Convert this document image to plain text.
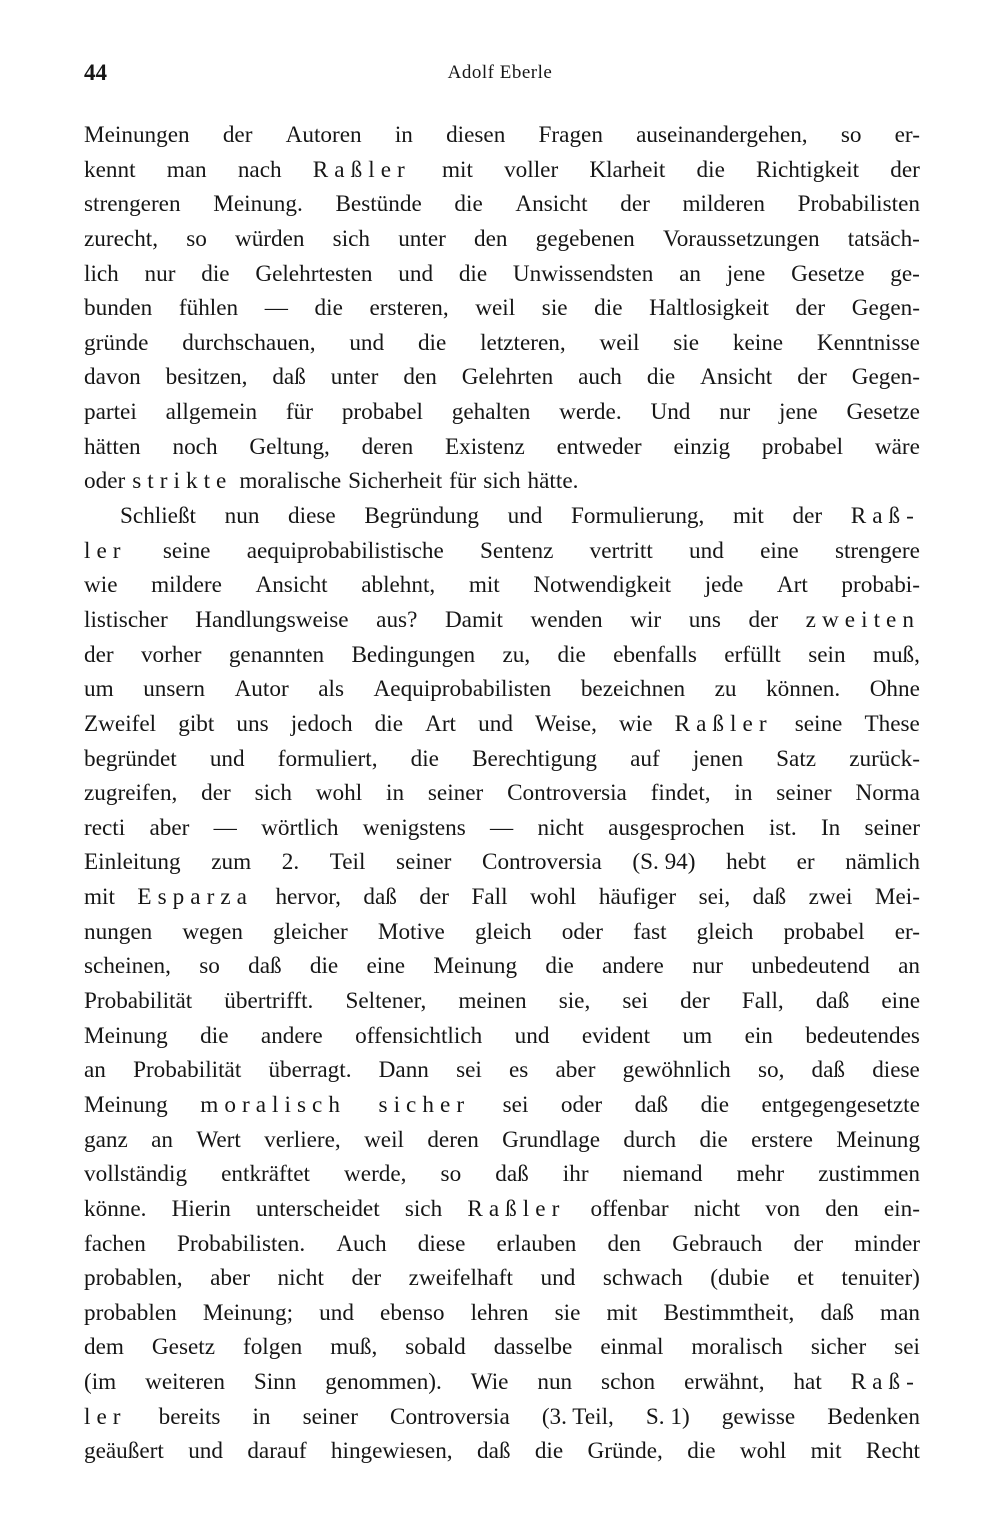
44	Adolf Eberle
Meinungen der Autoren in diesen Fragen auseinandergehen, so er-
kennt man nach Raßler mit voller Klarheit die Richtigkeit der
strengeren Meinung. Bestünde die Ansicht der milderen Probabilisten
zurecht, so würden sich unter den gegebenen Voraussetzungen tatsäch-
lich nur die Gelehrtesten und die Unwissendsten an jene Gesetze ge-
bunden fühlen — die ersteren, weil sie die Haltlosigkeit der Gegen-
gründe durchschauen, und die letzteren, weil sie keine Kenntnisse
davon besitzen, daß unter den Gelehrten auch die Ansicht der Gegen-
partei allgemein für probabel gehalten werde. Und nur jene Gesetze
hätten noch Geltung, deren Existenz entweder einzig probabel wäre
oder strikte moralische Sicherheit für sich hätte.
Schließt nun diese Begründung und Formulierung, mit der Raß-
ler seine aequiprobabilistische Sentenz vertritt und eine strengere
wie mildere Ansicht ablehnt, mit Notwendigkeit jede Art probabi-
listischer Handlungsweise aus? Damit wenden wir uns der zweiten
der vorher genannten Bedingungen zu, die ebenfalls erfüllt sein muß,
um unsern Autor als Aequiprobabilisten bezeichnen zu können. Ohne
Zweifel gibt uns jedoch die Art und Weise, wie Raßler seine These
begründet und formuliert, die Berechtigung auf jenen Satz zurück-
zugreifen, der sich wohl in seiner Controversia findet, in seiner Norma
recti aber — wörtlich wenigstens — nicht ausgesprochen ist. In seiner
Einleitung zum 2. Teil seiner Controversia (S. 94) hebt er nämlich
mit Esparza hervor, daß der Fall wohl häufiger sei, daß zwei Mei-
nungen wegen gleicher Motive gleich oder fast gleich probabel er-
scheinen, so daß die eine Meinung die andere nur unbedeutend an
Probabilität übertrifft. Seltener, meinen sie, sei der Fall, daß eine
Meinung die andere offensichtlich und evident um ein bedeutendes
an Probabilität überragt. Dann sei es aber gewöhnlich so, daß diese
Meinung moralisch sicher sei oder daß die entgegengesetzte
ganz an Wert verliere, weil deren Grundlage durch die erstere Meinung
vollständig entkräftet werde, so daß ihr niemand mehr zustimmen
könne. Hierin unterscheidet sich Raßler offenbar nicht von den ein-
fachen Probabilisten. Auch diese erlauben den Gebrauch der minder
probablen, aber nicht der zweifelhaft und schwach (dubie et tenuiter)
probablen Meinung; und ebenso lehren sie mit Bestimmtheit, daß man
dem Gesetz folgen muß, sobald dasselbe einmal moralisch sicher sei
(im weiteren Sinn genommen). Wie nun schon erwähnt, hat Raß-
ler bereits in seiner Controversia (3. Teil, S. 1) gewisse Bedenken
geäußert und darauf hingewiesen, daß die Gründe, die wohl mit Recht
